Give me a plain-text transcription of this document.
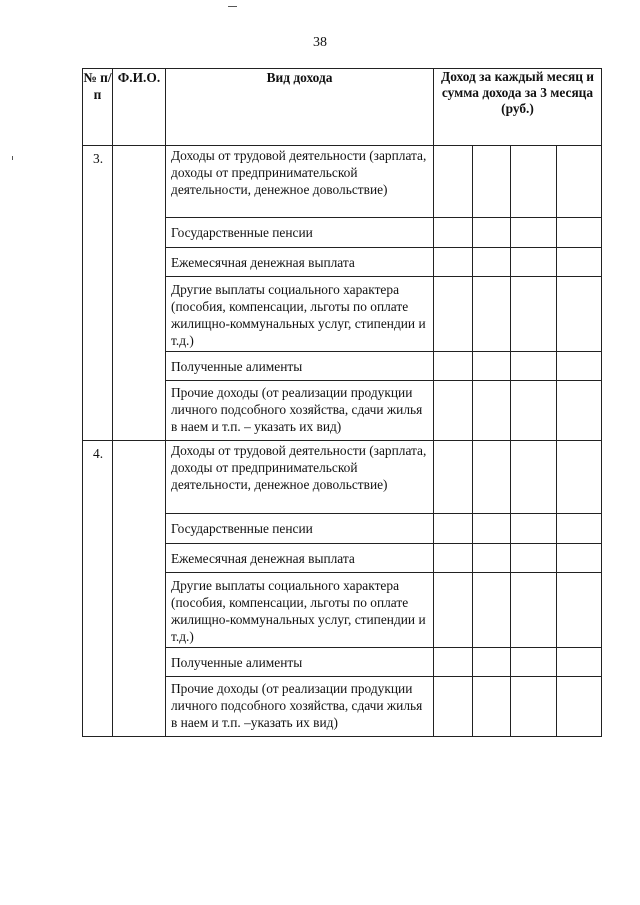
38
№ п/п	Ф.И.О.	Вид дохода	Доход за каждый месяц и сумма дохода за 3 месяца (руб.)			
3.		Доходы от трудовой деятельности (зарплата, доходы от предпринимательской деятельности, денежное довольствие)				
		Государственные пенсии				
		Ежемесячная денежная выплата				
		Другие выплаты социального характера (пособия, компенсации, льготы по оплате жилищно-коммунальных услуг, стипендии и т.д.)				
		Полученные алименты				
		Прочие доходы (от реализации продукции личного подсобного хозяйства, сдачи жилья в наем и т.п. – указать их вид)				
4.		Доходы от трудовой деятельности (зарплата, доходы от предпринимательской деятельности, денежное довольствие)				
		Государственные пенсии				
		Ежемесячная денежная выплата				
		Другие выплаты социального характера (пособия, компенсации, льготы по оплате жилищно-коммунальных услуг, стипендии и т.д.)				
		Полученные алименты				
		Прочие доходы (от реализации продукции личного подсобного хозяйства, сдачи жилья в наем и т.п. –указать их вид)				
